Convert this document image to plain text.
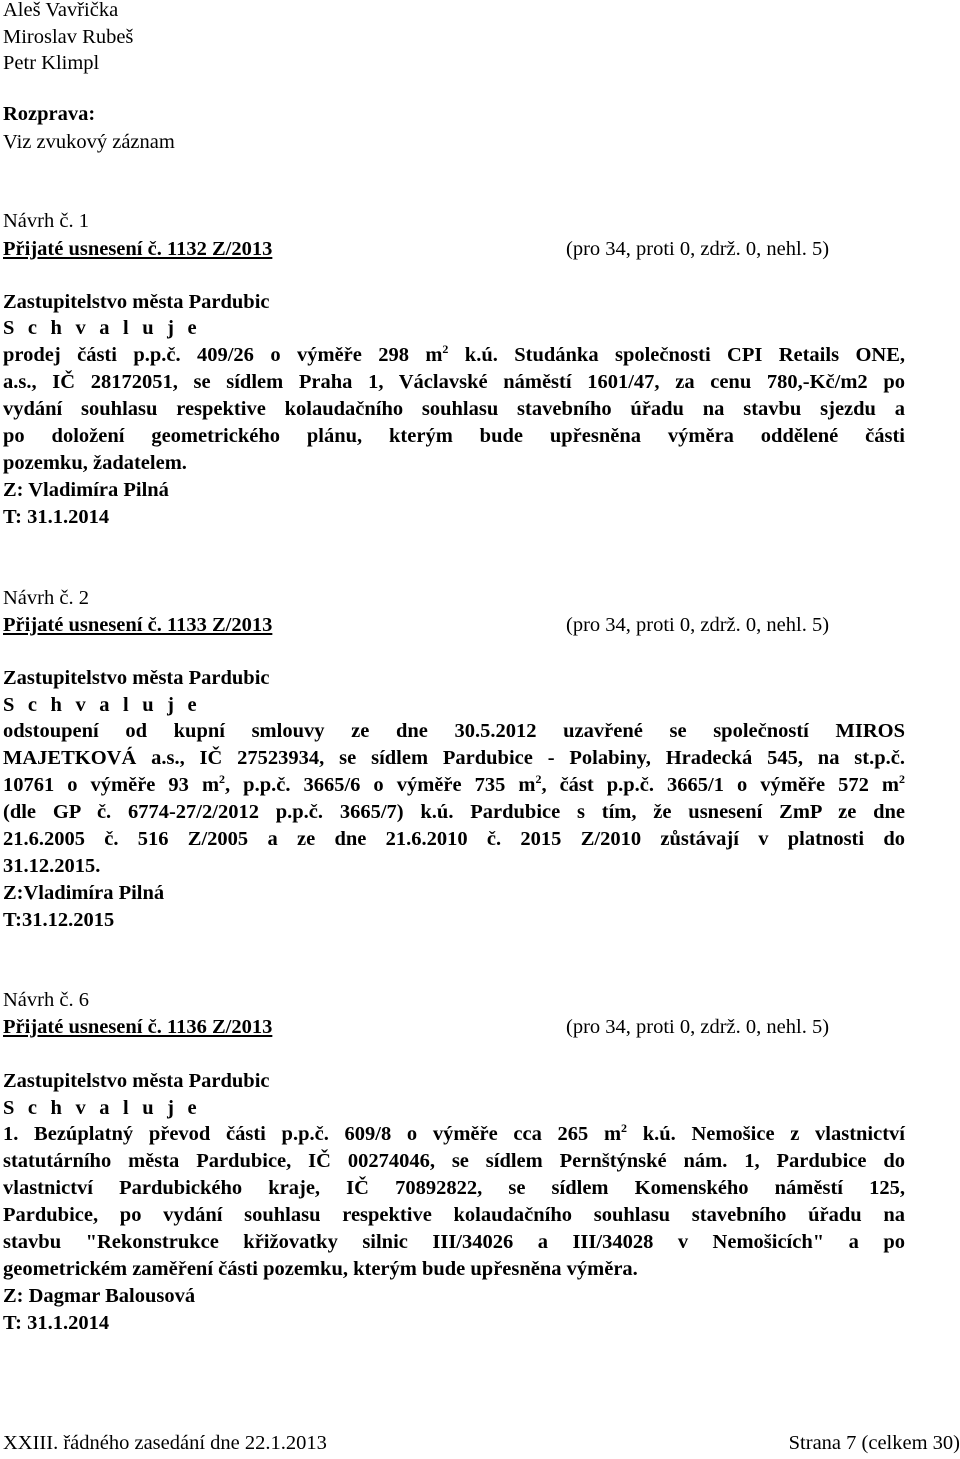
Aleš Vavřička
Miroslav Rubeš
Petr Klimpl
Rozprava:
Viz zvukový záznam
Návrh č. 1
Přijaté usnesení č. 1132 Z/2013	(pro 34, proti 0, zdrž. 0, nehl. 5)
Zastupitelstvo města Pardubic
S c h v a l u j e
prodej části p.p.č. 409/26 o výměře 298 $m^2$ k.ú. Studánka společnosti CPI Retails ONE,
a.s., IČ 28172051, se sídlem Praha 1, Václavské náměstí 1601/47, za cenu 780,-Kč/m2 po
vydání souhlasu respektive kolaudačního souhlasu stavebního úřadu na stavbu sjezdu a
po doložení geometrického plánu, kterým bude upřesněna výměra oddělené části
pozemku, žadatelem.
Z: Vladimíra Pilná
T: 31.1.2014
Návrh č. 2
Přijaté usnesení č. 1133 Z/2013	(pro 34, proti 0, zdrž. 0, nehl. 5)
Zastupitelstvo města Pardubic
S c h v a l u j e
odstoupení od kupní smlouvy ze dne 30.5.2012 uzavřené se společností MIROS
MAJETKOVÁ a.s., IČ 27523934, se sídlem Pardubice - Polabiny, Hradecká 545, na st.p.č.
10761 o výměře 93 $m^2$, p.p.č. 3665/6 o výměře 735 $m^2$, část p.p.č. 3665/1 o výměře 572 $m^2$
(dle GP č. 6774-27/2/2012 p.p.č. 3665/7) k.ú. Pardubice s tím, že usnesení ZmP ze dne
21.6.2005 č. 516 Z/2005 a ze dne 21.6.2010 č. 2015 Z/2010 zůstávají v platnosti do
31.12.2015.
Z:Vladimíra Pilná
T:31.12.2015
Návrh č. 6
Přijaté usnesení č. 1136 Z/2013	(pro 34, proti 0, zdrž. 0, nehl. 5)
Zastupitelstvo města Pardubic
S c h v a l u j e
1. Bezúplatný převod části p.p.č. 609/8 o výměře cca 265 $m^2$ k.ú. Nemošice z vlastnictví
statutárního města Pardubice, IČ 00274046, se sídlem Pernštýnské nám. 1, Pardubice do
vlastnictví Pardubického kraje, IČ 70892822, se sídlem Komenského náměstí 125,
Pardubice, po vydání souhlasu respektive kolaudačního souhlasu stavebního úřadu na
stavbu "Rekonstrukce křižovatky silnic III/34026 a III/34028 v Nemošicích" a po
geometrickém zaměření části pozemku, kterým bude upřesněna výměra.
Z: Dagmar Balousová
T: 31.1.2014
XXIII. řádného zasedání dne 22.1.2013	Strana 7 (celkem 30)
